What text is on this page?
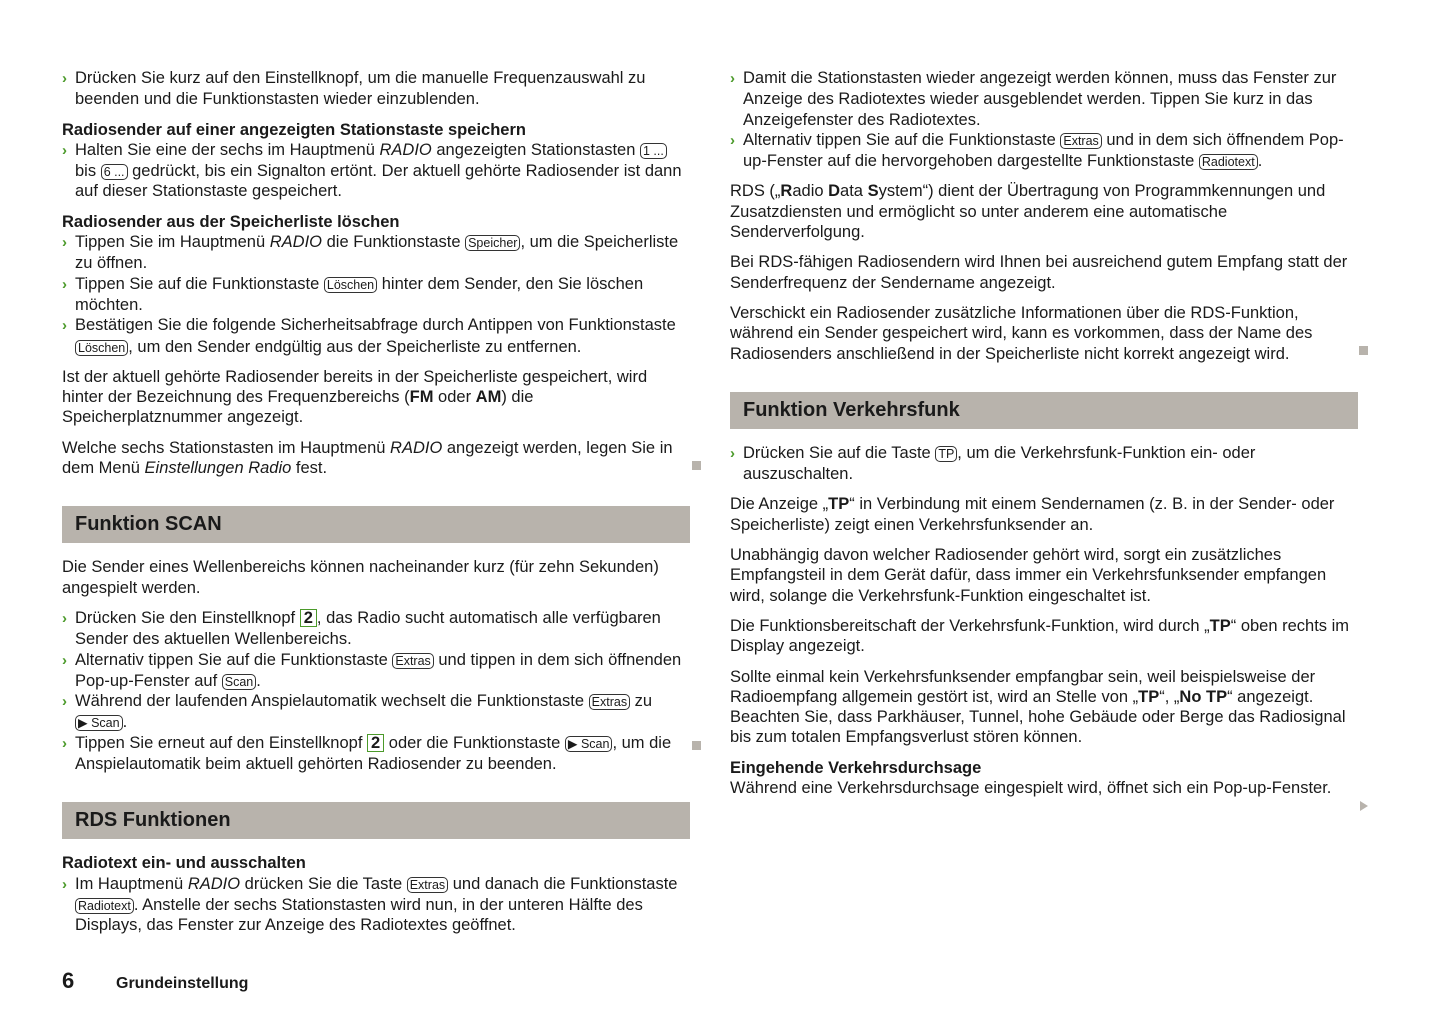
› Drücken Sie kurz auf den Einstellknopf, um die manuelle Frequenzauswahl zu beenden und die Funktionstasten wieder einzublenden.
Radiosender auf einer angezeigten Stationstaste speichern
› Halten Sie eine der sechs im Hauptmenü RADIO angezeigten Stationstasten 1 ... bis 6 ... gedrückt, bis ein Signalton ertönt. Der aktuell gehörte Radiosender ist dann auf dieser Stationstaste gespeichert.
Radiosender aus der Speicherliste löschen
› Tippen Sie im Hauptmenü RADIO die Funktionstaste Speicher , um die Speicherliste zu öffnen.
› Tippen Sie auf die Funktionstaste Löschen hinter dem Sender, den Sie löschen möchten.
› Bestätigen Sie die folgende Sicherheitsabfrage durch Antippen von Funktionstaste Löschen , um den Sender endgültig aus der Speicherliste zu entfernen.
Ist der aktuell gehörte Radiosender bereits in der Speicherliste gespeichert, wird hinter der Bezeichnung des Frequenzbereichs (FM oder AM) die Speicherplatznummer angezeigt.
Welche sechs Stationstasten im Hauptmenü RADIO angezeigt werden, legen Sie in dem Menü Einstellungen Radio fest.
Funktion SCAN
Die Sender eines Wellenbereichs können nacheinander kurz (für zehn Sekunden) angespielt werden.
› Drücken Sie den Einstellknopf 2 , das Radio sucht automatisch alle verfügbaren Sender des aktuellen Wellenbereichs.
› Alternativ tippen Sie auf die Funktionstaste Extras und tippen in dem sich öffnenden Pop-up-Fenster auf Scan .
› Während der laufenden Anspielautomatik wechselt die Funktionstaste Extras zu ▶ Scan .
› Tippen Sie erneut auf den Einstellknopf 2 oder die Funktionstaste ▶ Scan , um die Anspielautomatik beim aktuell gehörten Radiosender zu beenden.
RDS Funktionen
Radiotext ein- und ausschalten
› Im Hauptmenü RADIO drücken Sie die Taste Extras und danach die Funktionstaste Radiotext . Anstelle der sechs Stationstasten wird nun, in der unteren Hälfte des Displays, das Fenster zur Anzeige des Radiotextes geöffnet.
6	Grundeinstellung
› Damit die Stationstasten wieder angezeigt werden können, muss das Fenster zur Anzeige des Radiotextes wieder ausgeblendet werden. Tippen Sie kurz in das Anzeigefenster des Radiotextes.
› Alternativ tippen Sie auf die Funktionstaste Extras und in dem sich öffnendem Pop-up-Fenster auf die hervorgehoben dargestellte Funktionstaste Radiotext .
RDS („Radio Data System“) dient der Übertragung von Programmkennungen und Zusatzdiensten und ermöglicht so unter anderem eine automatische Senderverfolgung.
Bei RDS-fähigen Radiosendern wird Ihnen bei ausreichend gutem Empfang statt der Senderfrequenz der Sendername angezeigt.
Verschickt ein Radiosender zusätzliche Informationen über die RDS-Funktion, während ein Sender gespeichert wird, kann es vorkommen, dass der Name des Radiosenders anschließend in der Speicherliste nicht korrekt angezeigt wird.
Funktion Verkehrsfunk
› Drücken Sie auf die Taste TP , um die Verkehrsfunk-Funktion ein- oder auszuschalten.
Die Anzeige „TP“ in Verbindung mit einem Sendernamen (z. B. in der Sender- oder Speicherliste) zeigt einen Verkehrsfunksender an.
Unabhängig davon welcher Radiosender gehört wird, sorgt ein zusätzliches Empfangsteil in dem Gerät dafür, dass immer ein Verkehrsfunksender empfangen wird, solange die Verkehrsfunk-Funktion eingeschaltet ist.
Die Funktionsbereitschaft der Verkehrsfunk-Funktion, wird durch „TP“ oben rechts im Display angezeigt.
Sollte einmal kein Verkehrsfunksender empfangbar sein, weil beispielsweise der Radioempfang allgemein gestört ist, wird an Stelle von „TP“, „No TP“ angezeigt. Beachten Sie, dass Parkhäuser, Tunnel, hohe Gebäude oder Berge das Radiosignal bis zum totalen Empfangsverlust stören können.
Eingehende Verkehrsdurchsage
Während eine Verkehrsdurchsage eingespielt wird, öffnet sich ein Pop-up-Fenster.
